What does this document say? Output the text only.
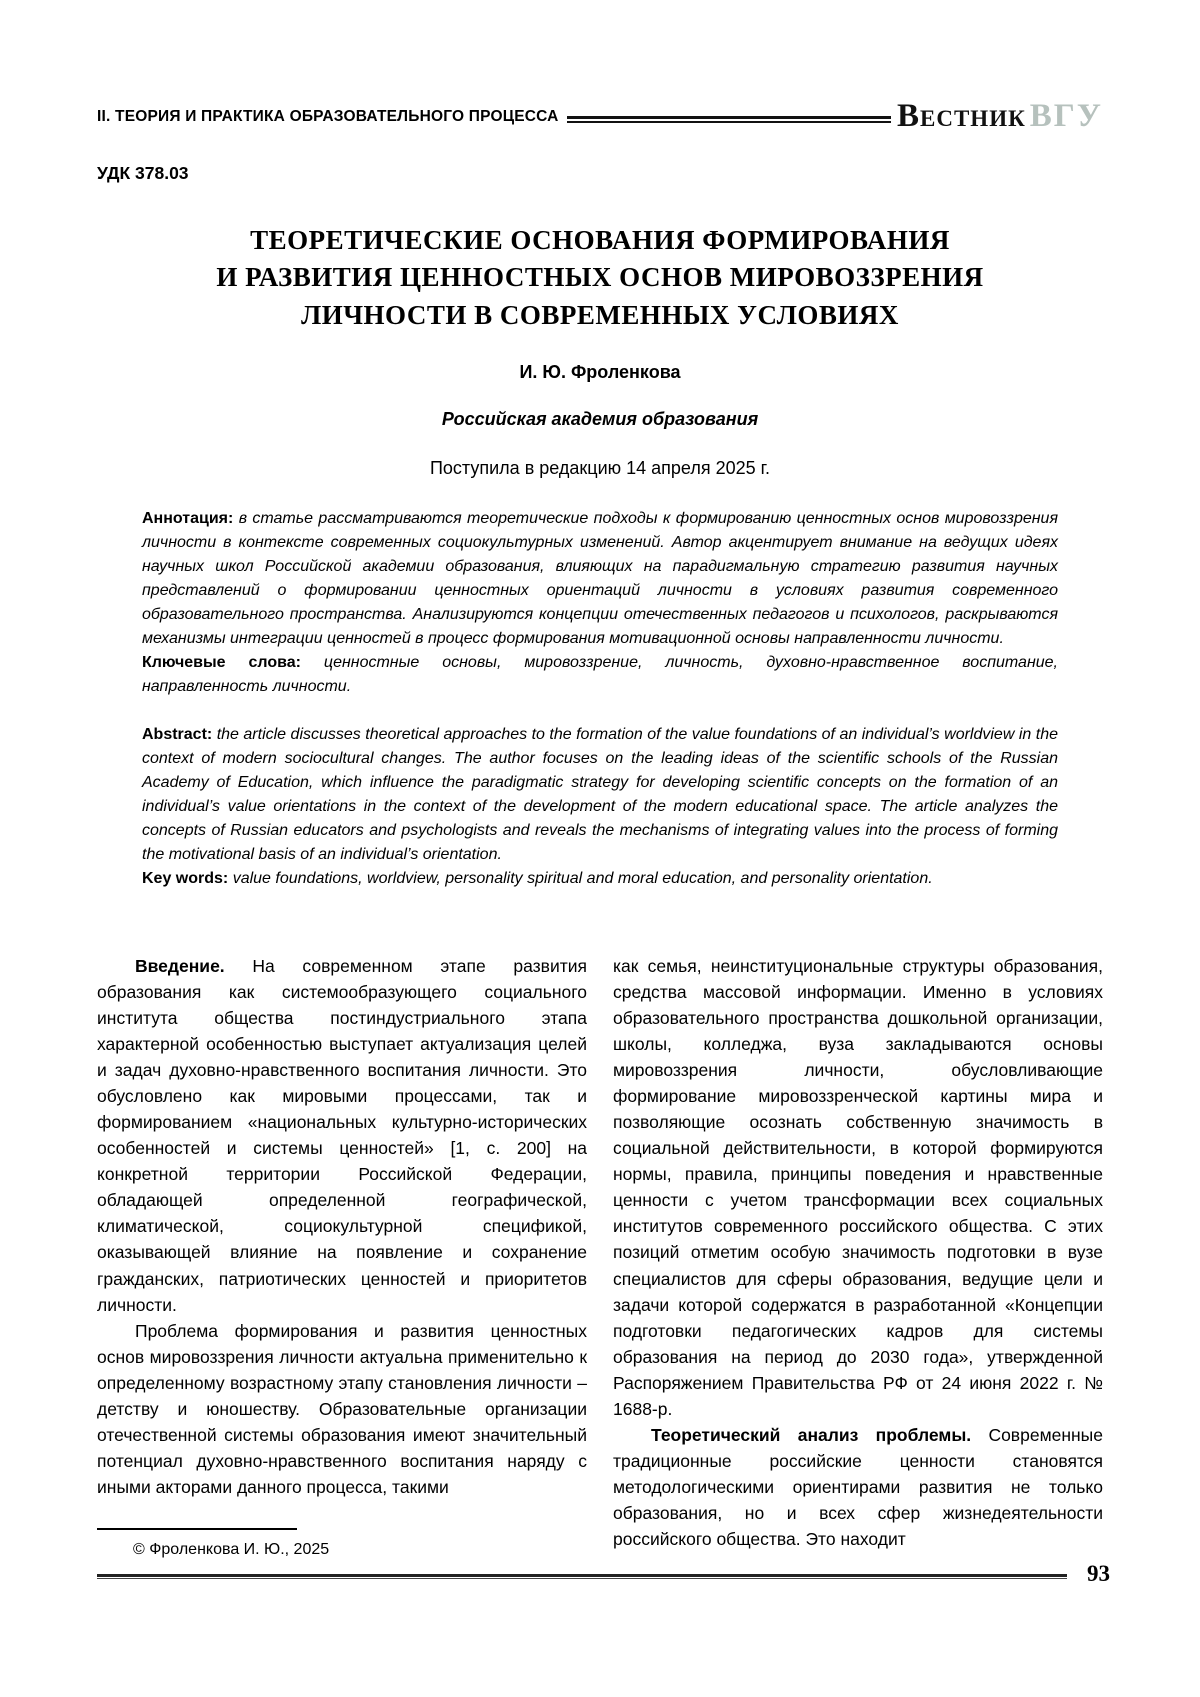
II. ТЕОРИЯ И ПРАКТИКА ОБРАЗОВАТЕЛЬНОГО ПРОЦЕССА	Вестник ВГУ
УДК 378.03
ТЕОРЕТИЧЕСКИЕ ОСНОВАНИЯ ФОРМИРОВАНИЯ
И РАЗВИТИЯ ЦЕННОСТНЫХ ОСНОВ МИРОВОЗЗРЕНИЯ
ЛИЧНОСТИ В СОВРЕМЕННЫХ УСЛОВИЯХ
И. Ю. Фроленкова
Российская академия образования
Поступила в редакцию 14 апреля 2025 г.

Аннотация: в статье рассматриваются теоретические подходы к формированию ценностных основ мировоззрения личности в контексте современных социокультурных изменений. Автор акцентирует внимание на ведущих идеях научных школ Российской академии образования, влияющих на парадигмальную стратегию развития научных представлений о формировании ценностных ориентаций личности в условиях развития современного образовательного пространства. Анализируются концепции отечественных педагогов и психологов, раскрываются механизмы интеграции ценностей в процесс формирования мотивационной основы направленности личности.

Ключевые слова: ценностные основы, мировоззрение, личность, духовно-нравственное воспитание, направленность личности.

Abstract: the article discusses theoretical approaches to the formation of the value foundations of an individual’s worldview in the context of modern sociocultural changes. The author focuses on the leading ideas of the scientific schools of the Russian Academy of Education, which influence the paradigmatic strategy for developing scientific concepts on the formation of an individual’s value orientations in the context of the development of the modern educational space. The article analyzes the concepts of Russian educators and psychologists and reveals the mechanisms of integrating values into the process of forming the motivational basis of an individual’s orientation.

Key words: value foundations, worldview, personality spiritual and moral education, and personality orientation.

Введение. На современном этапе развития образования как системообразующего социального института общества постиндустриального этапа характерной особенностью выступает актуализация целей и задач духовно-нравственного воспитания личности. Это обусловлено как мировыми процессами, так и формированием «национальных культурно-исторических особенностей и системы ценностей» [1, с. 200] на конкретной территории Российской Федерации, обладающей определенной географической, климатической, социокультурной спецификой, оказывающей влияние на появление и сохранение гражданских, патриотических ценностей и приоритетов личности.

Проблема формирования и развития ценностных основ мировоззрения личности актуальна применительно к определенному возрастному этапу становления личности – детству и юношеству. Образовательные организации отечественной системы образования имеют значительный потенциал духовно-нравственного воспитания наряду с иными акторами данного процесса, такими

© Фроленкова И. Ю., 2025

как семья, неинституциональные структуры образования, средства массовой информации. Именно в условиях образовательного пространства дошкольной организации, школы, колледжа, вуза закладываются основы мировоззрения личности, обусловливающие формирование мировоззренческой картины мира и позволяющие осознать собственную значимость в социальной действительности, в которой формируются нормы, правила, принципы поведения и нравственные ценности с учетом трансформации всех социальных институтов современного российского общества. С этих позиций отметим особую значимость подготовки в вузе специалистов для сферы образования, ведущие цели и задачи которой содержатся в разработанной «Концепции подготовки педагогических кадров для системы образования на период до 2030 года», утвержденной Распоряжением Правительства РФ от 24 июня 2022 г. № 1688-р.

Теоретический анализ проблемы. Современные традиционные российские ценности становятся методологическими ориентирами развития не только образования, но и всех сфер жизнедеятельности российского общества. Это находит

93
